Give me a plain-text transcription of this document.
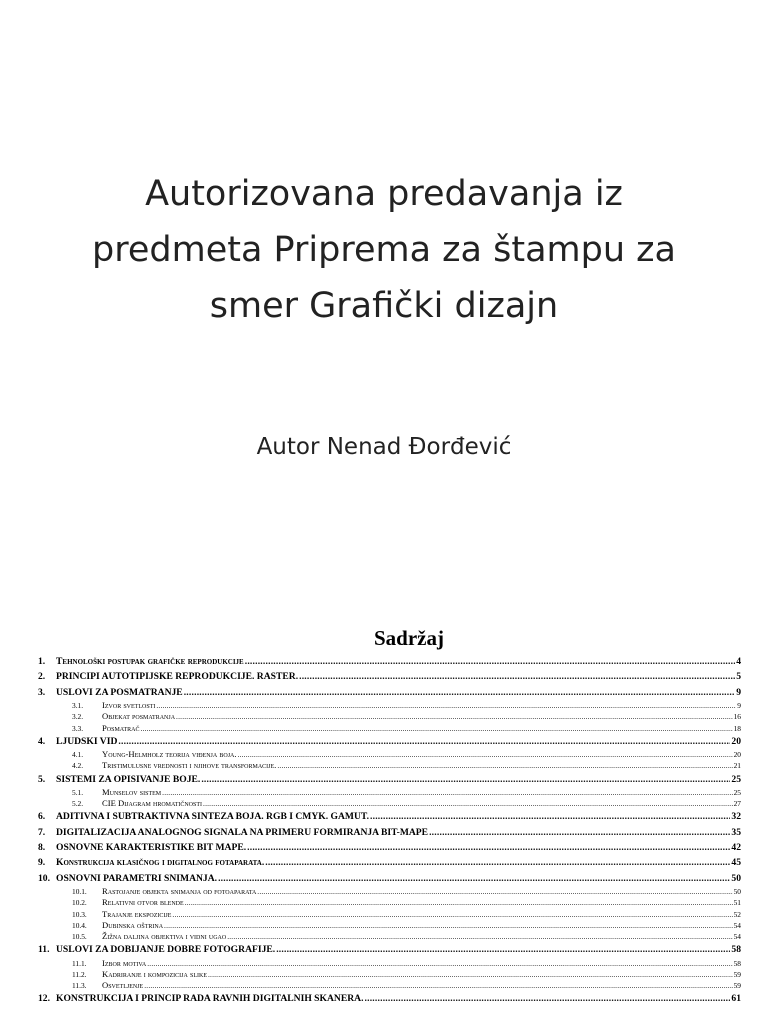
Autorizovana predavanja iz
predmeta Priprema za štampu za
smer Grafički dizajn
Autor Nenad Đorđević
Sadržaj
1.	Tehnološki postupak grafičke reprodukcije .....	4
2.	PRINCIPI AUTOTIPIJSKE REPRODUKCIJE. RASTER. .....	5
3.	USLOVI ZA POSMATRANJE .....	9
3.1.	Izvor svetlosti .....	9
3.2.	Objekat posmatranja .....	16
3.3.	Posmatrač .....	18
4.	LJUDSKI VID .....	20
4.1.	Young-Helmholz teorija viđenja boja. .....	20
4.2.	Tristimulusne vrednosti i njihove transformacije. .....	21
5.	SISTEMI ZA OPISIVANJE BOJE. .....	25
5.1.	Munselov sistem .....	25
5.2.	CIE Dijagram hromatičnosti .....	27
6.	ADITIVNA I SUBTRAKTIVNA SINTEZA BOJA. RGB I CMYK. GAMUT. .....	32
7.	DIGITALIZACIJA ANALOGNOG SIGNALA NA PRIMERU FORMIRANJA BIT-MAPE .....	35
8.	OSNOVNE KARAKTERISTIKE BIT MAPE. .....	42
9.	Konstrukcija klasičnog i digitalnog fotaparata. .....	45
10. OSNOVNI PARAMETRI SNIMANJA. .....	50
10.1.	Rastojanje objekta snimanja od fotoaparata .....	50
10.2.	Relativni otvor blende .....	51
10.3.	Trajanje ekspozicije .....	52
10.4.	Dubinska oštrina .....	54
10.5.	Žižna daljina objektiva i vidni ugao .....	54
11. USLOVI ZA DOBIJANJE DOBRE FOTOGRAFIJE. .....	58
11.1.	Izbor motiva .....	58
11.2.	Kadriranje i kompozicija slike .....	59
11.3.	Osvetljenje .....	59
12. KONSTRUKCIJA I PRINCIP RADA RAVNIH DIGITALNIH SKANERA. .....	61
